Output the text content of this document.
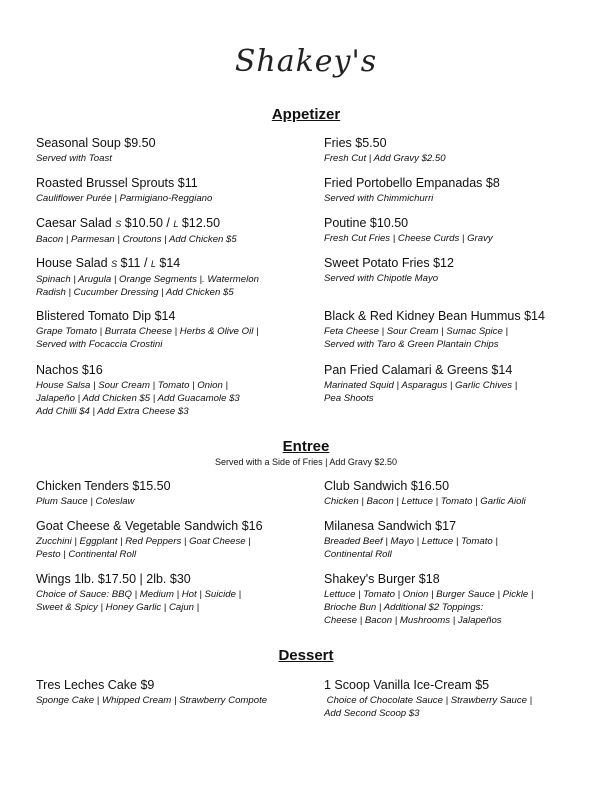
Shakey's
Appetizer
Seasonal Soup $9.50
Served with Toast
Fries $5.50
Fresh Cut | Add Gravy $2.50
Roasted Brussel Sprouts $11
Cauliflower Purée | Parmigiano-Reggiano
Fried Portobello Empanadas $8
Served with Chimmichurri
Caesar Salad S $10.50 / L $12.50
Bacon | Parmesan | Croutons | Add Chicken $5
Poutine $10.50
Fresh Cut Fries | Cheese Curds | Gravy
House Salad S $11 / L $14
Spinach | Arugula | Orange Segments |. Watermelon
Radish | Cucumber Dressing | Add Chicken $5
Sweet Potato Fries $12
Served with Chipotle Mayo
Blistered Tomato Dip $14
Grape Tomato | Burrata Cheese | Herbs & Olive Oil |
Served with Focaccia Crostini
Black & Red Kidney Bean Hummus $14
Feta Cheese | Sour Cream | Sumac Spice |
Served with Taro & Green Plantain Chips
Nachos $16
House Salsa | Sour Cream | Tomato | Onion |
Jalapeño | Add Chicken $5 | Add Guacamole $3
Add Chilli $4 | Add Extra Cheese $3
Pan Fried Calamari & Greens $14
Marinated Squid | Asparagus | Garlic Chives |
Pea Shoots
Entree
Served with a Side of Fries | Add Gravy $2.50
Chicken Tenders $15.50
Plum Sauce | Coleslaw
Club Sandwich $16.50
Chicken | Bacon | Lettuce | Tomato | Garlic Aioli
Goat Cheese & Vegetable Sandwich $16
Zucchini | Eggplant | Red Peppers | Goat Cheese |
Pesto | Continental Roll
Milanesa Sandwich $17
Breaded Beef | Mayo | Lettuce | Tomato |
Continental Roll
Wings 1lb. $17.50 | 2lb. $30
Choice of Sauce: BBQ | Medium | Hot | Suicide |
Sweet & Spicy | Honey Garlic | Cajun |
Shakey's Burger $18
Lettuce | Tomato | Onion | Burger Sauce | Pickle |
Brioche Bun | Additional $2 Toppings:
Cheese | Bacon | Mushrooms | Jalapeños
Dessert
Tres Leches Cake $9
Sponge Cake | Whipped Cream | Strawberry Compote
1 Scoop Vanilla Ice-Cream $5
Choice of Chocolate Sauce | Strawberry Sauce |
Add Second Scoop $3
